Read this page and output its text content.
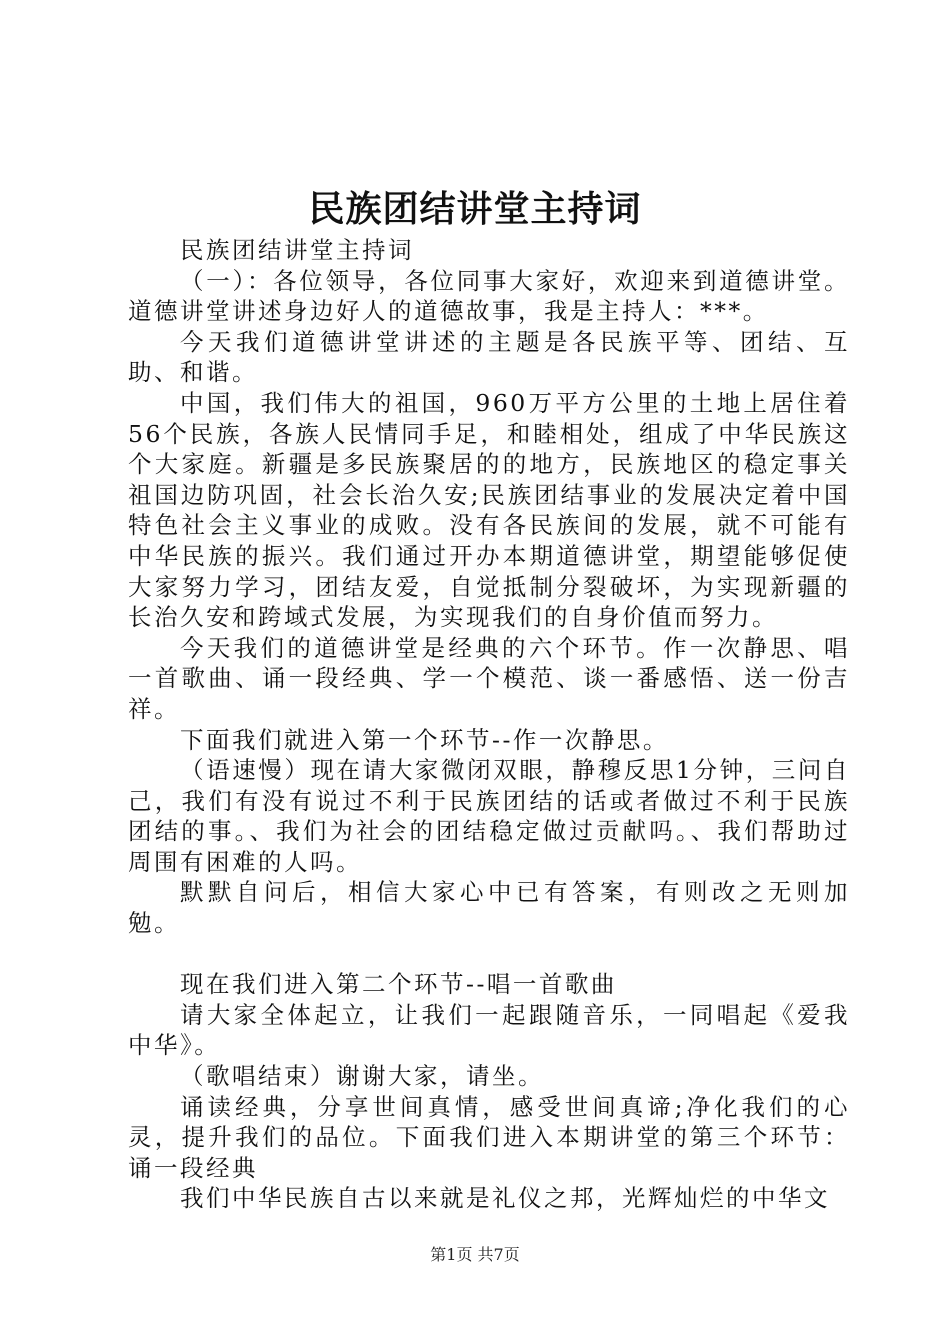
民族团结讲堂主持词

民族团结讲堂主持词

（一）：各位领导，各位同事大家好，欢迎来到道德讲堂。道德讲堂讲述身边好人的道德故事，我是主持人：***。

今天我们道德讲堂讲述的主题是各民族平等、团结、互助、和谐。

中国，我们伟大的祖国，960万平方公里的土地上居住着56个民族，各族人民情同手足，和睦相处，组成了中华民族这个大家庭。新疆是多民族聚居的的地方，民族地区的稳定事关祖国边防巩固，社会长治久安;民族团结事业的发展决定着中国特色社会主义事业的成败。没有各民族间的发展，就不可能有中华民族的振兴。我们通过开办本期道德讲堂，期望能够促使大家努力学习，团结友爱，自觉抵制分裂破坏，为实现新疆的长治久安和跨域式发展，为实现我们的自身价值而努力。

今天我们的道德讲堂是经典的六个环节。作一次静思、唱一首歌曲、诵一段经典、学一个模范、谈一番感悟、送一份吉祥。

下面我们就进入第一个环节--作一次静思。

（语速慢）现在请大家微闭双眼，静穆反思1分钟，三问自己，我们有没有说过不利于民族团结的话或者做过不利于民族团结的事。、我们为社会的团结稳定做过贡献吗。、我们帮助过周围有困难的人吗。

默默自问后，相信大家心中已有答案，有则改之无则加勉。

现在我们进入第二个环节--唱一首歌曲

请大家全体起立，让我们一起跟随音乐，一同唱起《爱我中华》。

（歌唱结束）谢谢大家，请坐。

诵读经典，分享世间真情，感受世间真谛;净化我们的心灵，提升我们的品位。下面我们进入本期讲堂的第三个环节：诵一段经典

我们中华民族自古以来就是礼仪之邦，光辉灿烂的中华文

第1页 共7页
